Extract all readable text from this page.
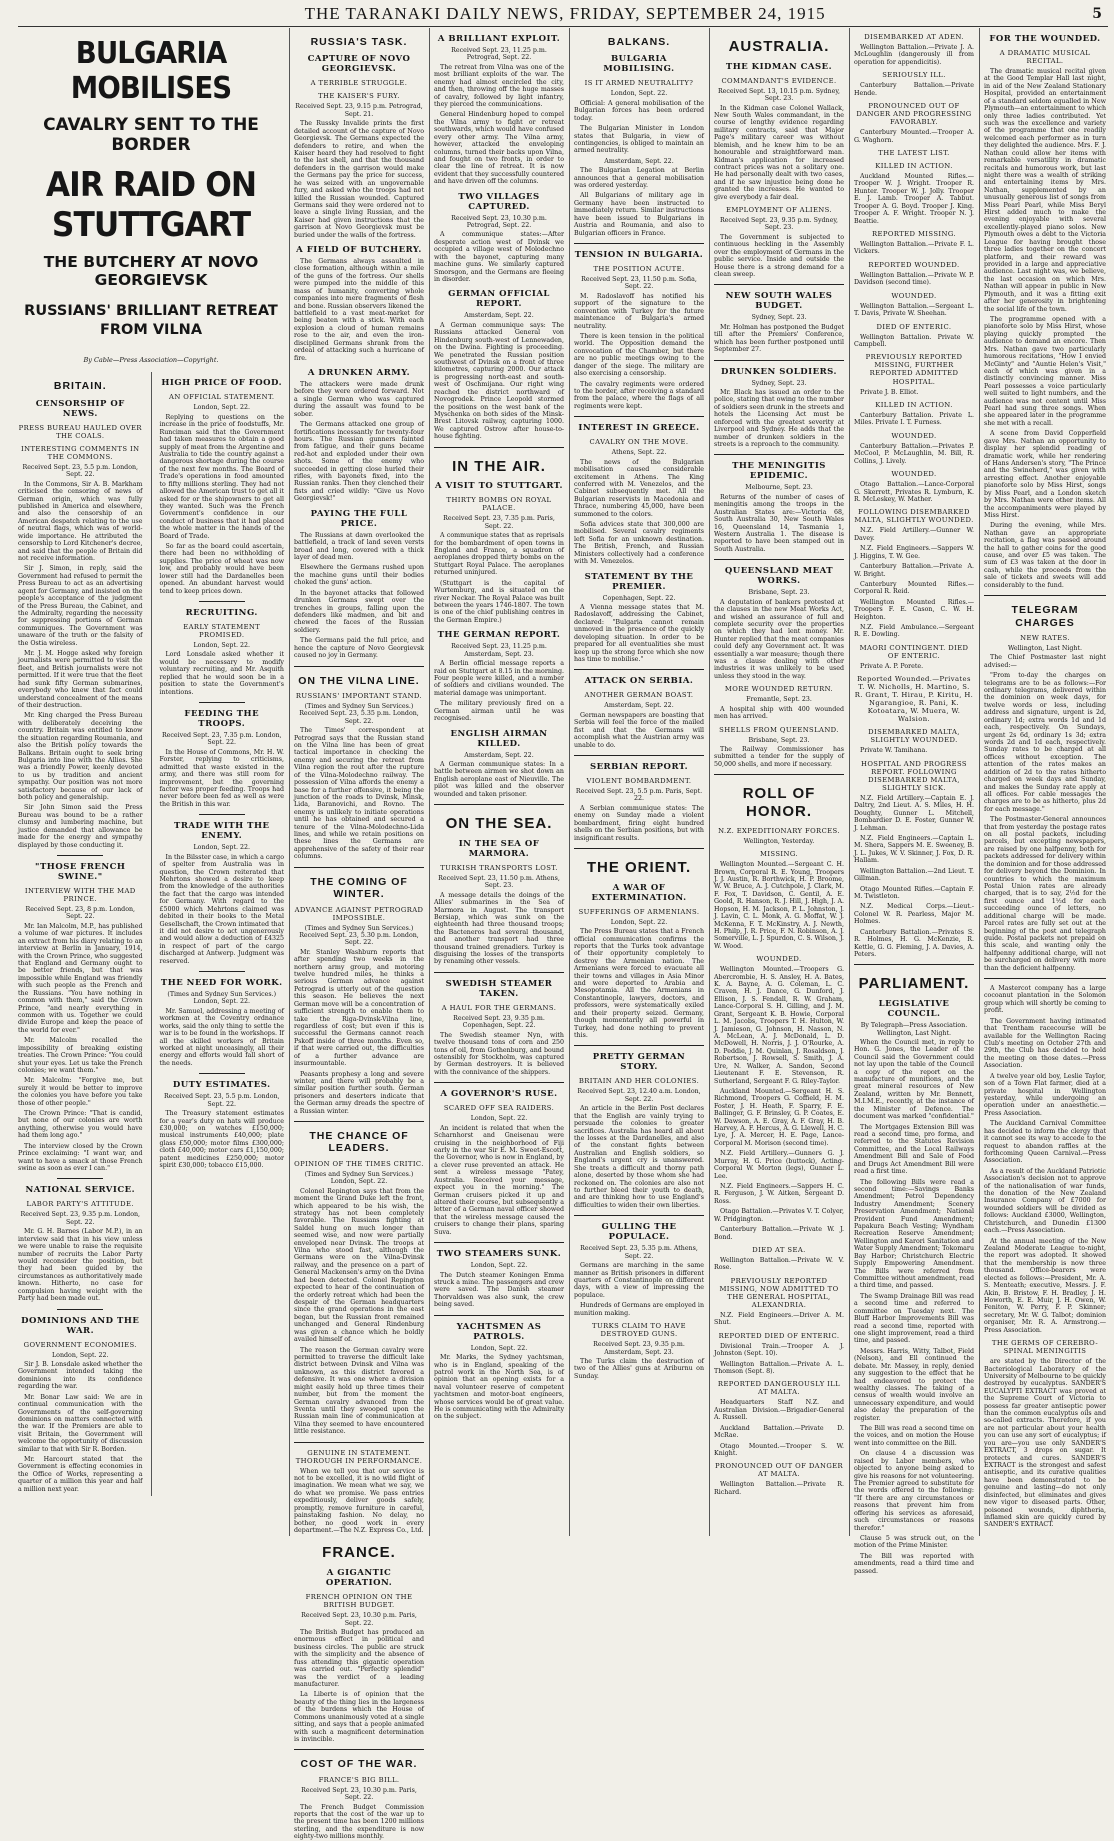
THE TARANAKI DAILY NEWS, FRIDAY, SEPTEMBER 24, 1915	5
BULGARIA MOBILISES
CAVALRY SENT TO THE BORDER
AIR RAID ON STUTTGART
THE BUTCHERY AT NOVO GEORGIEVSK
RUSSIANS' BRILLIANT RETREAT FROM VILNA
By Cable—Press Association—Copyright.
BRITAIN.
CENSORSHIP OF NEWS.
PRESS BUREAU HAULED OVER THE COALS.
INTERESTING COMMENTS IN THE COMMONS.
Received Sept. 23, 5.5 p.m. London, Sept. 22.
In the Commons, Sir A. B. Markham criticised the censoring of news of German origin, which was fully published in America and elsewhere, and also the censorship of an American despatch relating to the use of neutral flags, which was of world-wide importance. He attributed the censorship to Lord Kitchener's decree, and said that the people of Britain did not receive information.
Sir J. Simon, in reply, said the Government had refused to permit the Press Bureau to act as an advertising agent for Germany, and insisted on the people's acceptance of the judgment of the Press Bureau, the Cabinet, and the Admiralty, regarding the necessity for suppressing portions of German communiques. The Government was unaware of the truth or the falsity of the Ostia wireless.
Mr. J. M. Hogge asked why foreign journalists were permitted to visit the fleet, and British journalists were not permitted. If it were true that the fleet had sunk fifty German submarines, everybody who knew that fact could understand concealment of the means of their destruction.
Mr. King charged the Press Bureau with deliberately deceiving the country. Britain was entitled to know the situation regarding Roumania, and also the British policy towards the Balkans. Britain ought to seek bring Bulgaria into line with the Allies. She was a friendly Power, keenly devoted to us by tradition and ancient sympathy. Our position was not more satisfactory because of our lack of both policy and generalship.
Sir John Simon said the Press Bureau was bound to be a rather clumsy and lumbering machine, but justice demanded that allowance be made for the energy and sympathy displayed by those conducting it.
"THOSE FRENCH SWINE."
INTERVIEW WITH THE MAD PRINCE.
Received Sept. 23, 8 p.m. London, Sept. 22.
Mr. Ian Malcolm, M.P., has published a volume of war pictures. It includes an extract from his diary relating to an interview at Berlin in January, 1914, with the Crown Prince, who suggested that England and Germany ought to be better friends, but that was impossible while England was friendly with such people as the French and the Russians. "You have nothing in common with them," said the Crown Prince, "and nearly everything in common with us. Together we could divide Europe and keep the peace of the world for ever."
Mr. Malcolm recalled the impossibility of breaking existing treaties. The Crown Prince: "You could shut your eyes. Let us take the French colonies; we want them."
Mr. Malcolm: "Forgive me, but surely it would be better to improve the colonies you have before you take those of other people."
The Crown Prince: "That is candid, but none of our colonies are worth anything, otherwise you would have had them long ago."
The interview closed by the Crown Prince exclaiming: "I want war, and want to have a smack at those French swine as soon as ever I can."
NATIONAL SERVICE.
LABOR PARTY'S ATTITUDE.
Received Sept. 23, 9.35 p.m. London, Sept. 22.
Mr. G. H. Barnes (Labor M.P.), in an interview said that in his view unless we were unable to raise the requisite number of recruits the Labor Party would reconsider the position, but they had been guided by the circumstances as authoritatively made known. Hitherto, no case for compulsion having weight with the Party had been made out.
DOMINIONS AND THE WAR.
GOVERNMENT ECONOMIES.
London, Sept. 22.
Sir J. B. Lonsdale asked whether the Government intended taking the dominions into its confidence regarding the war.
Mr. Bonar Law said: We are in continual communication with the Governments of the self-governing dominions on matters connected with the war. If the Premiers are able to visit Britain, the Government will welcome the opportunity of discussion similar to that with Sir R. Borden.
Mr. Harcourt stated that the Government is effecting economies in the Office of Works, representing a quarter of a million this year and half a million next year.
HIGH PRICE OF FOOD.
AN OFFICIAL STATEMENT.
London, Sept. 22.
Replying to questions on the increase in the price of foodstuffs, Mr. Runciman said that the Government had taken measures to obtain a good supply of meat from the Argentine and Australia to tide the country against a dangerous shortage during the course of the next few months. The Board of Trade's operations in food amounted to fifty millions sterling. They had not allowed the American trust to get all it asked for or the shipowners to get all they wanted. Such was the French Government's confidence in our conduct of business that it had placed the whole matter in the hands of the Board of Trade.
So far as the board could ascertain, there had been no withholding of supplies. The price of wheat was now low, and probably would have been lower still had the Dardanelles been opened. An abundant harvest would tend to keep prices down.
RECRUITING.
EARLY STATEMENT PROMISED.
London, Sept. 22.
Lord Lonsdale asked whether it would be necessary to modify voluntary recruiting, and Mr. Asquith replied that he would soon be in a position to state the Government's intentions.
FEEDING THE TROOPS.
Received Sept. 23, 7.35 p.m. London, Sept. 22.
In the House of Commons, Mr. H. W. Forster, replying to criticisms, admitted that waste existed in the army, and there was still room for improvement, but the governing factor was proper feeding. Troops had never before been fed as well as were the British in this war.
TRADE WITH THE ENEMY.
London, Sept. 22.
In the Bilsster case, in which a cargo of spelter from Australia was in question, the Crown reiterated that Mehrtons showed a desire to keep from the knowledge of the authorities the fact that the cargo was intended for Germany. With regard to the £5000 which Mehrtons claimed was debited in their books to the Metal Gesellschaft, the Crown intimated that it did not desire to act ungenerously and would allow a deduction of £4325 in respect of part of the cargo discharged at Antwerp. Judgment was reserved.
THE NEED FOR WORK.
(Times and Sydney Sun Services.) London, Sept. 22.
Mr. Samuel, addressing a meeting of workmen at the Coventry ordnance works, said the only thing to settle the war is to be found in the workshops. If all the skilled workers of Britain worked at night unceasingly, all their energy and efforts would fall short of the needs.
DUTY ESTIMATES.
Received Sept. 23, 5.5 p.m. London, Sept. 22.
The Treasury statement estimates for a year's duty on hats will produce £30,000; on watches £150,000; musical instruments £40,000; plate glass £50,000; motor films £300,000; cloth £40,000; motor cars £1,150,000; patent medicines £250,000; motor spirit £30,000; tobacco £15,000.
RUSSIA'S TASK.
CAPTURE OF NOVO GEORGIEVSK.
A TERRIBLE STRUGGLE.
THE KAISER'S FURY.
Received Sept. 23, 9.15 p.m. Petrograd, Sept. 21.
The Russky Invalide prints the first detailed account of the capture of Novo Georgievsk. The Germans expected the defenders to retire, and when the Kaiser heard they had resolved to fight to the last shell, and that the thousand defenders in the garrison would make the Germans pay the price for success, he was seized with an ungovernable fury, and asked who the troops had not killed the Russian wounded. Captured Germans said they were ordered not to leave a single living Russian, and the Kaiser had given instructions that the garrison at Novo Georgievsk must be buried under the walls of the fortress.
A FIELD OF BUTCHERY.
The Germans always assaulted in close formation, although within a mile of the guns of the fortress. Our shells were pumped into the middle of this mass of humanity, converting whole companies into mere fragments of flesh and bone. Russian observers likened the battlefield to a vast meat-market for being beaten with a stick. With each explosion a cloud of human remains rose to the air, and even the iron-disciplined Germans shrank from the ordeal of attacking such a hurricane of fire.
A DRUNKEN ARMY.
The attackers were made drunk before they were ordered forward. Not a single German who was captured during the assault was found to be sober.
The Germans attacked one group of fortifications incessantly for twenty-four hours. The Russian gunners fainted from fatigue, and their guns became red-hot and exploded under their own shots. Some of the enemy who succeeded in getting close hurled their rifles, with bayonets fixed, into the Russian ranks. Then they clenched their fists and cried wildly: "Give us Novo Georgievsk!"
PAYING THE FULL PRICE.
The Russians at dawn overlooked the battlefield, a track of land seven versts broad and long, covered with a thick layer of dead men.
Elsewhere the Germans rushed upon the machine guns until their bodies choked the guns' action.
In the bayonet attacks that followed drunken Germans swept over the trenches in groups, falling upon the defenders like madmen, and bit and chewed the faces of the Russian soldiery.
The Germans paid the full price, and hence the capture of Novo Georgievsk caused no joy in Germany.
ON THE VILNA LINE.
RUSSIANS' IMPORTANT STAND.
(Times and Sydney Sun Services.) Received Sept. 23, 5.35 p.m. London, Sept. 22.
The Times' correspondent at Petrograd says that the Russian stand on the Vilna line has been of great tactical importance in checking the enemy and securing the retreat from Vilna region the rout after the rupture of the Vilna-Molodechno railway. The possession of Vilna affords the enemy a base for a further offensive, it being the junction of the roads to Dvinsk, Minsk, Lida, Baranovichi, and Rovno. The enemy is unlikely to initiate operations until he has obtained and secured a tenure of the Vilna-Molodechno-Lida lines, and while we retain positions on these lines the Germans are apprehensive of the safety of their rear columns.
THE COMING OF WINTER.
ADVANCE AGAINST PETROGRAD IMPOSSIBLE.
(Times and Sydney Sun Services.) Received Sept. 23, 5.30 p.m. London, Sept. 22.
Mr. Stanley Washburn reports that after spending two weeks in the northern army group, and motoring twelve hundred miles, he thinks a serious German advance against Petrograd is utterly out of the question this season. He believes the next German move will be a concentration of sufficient strength to enable them to take the Riga-Dvinsk-Vilna line, regardless of cost; but even if this is successful the Germans cannot reach Pskoff inside of three months. Even so, if that were carried out, the difficulties of a further advance are insurmountable.
Peasants prophesy a long and severe winter, and there will probably be a similar position further south. German prisoners and deserters indicate that the German army dreads the spectre of a Russian winter.
THE CHANCE OF LEADERS.
OPINION OF THE TIMES CRITIC.
(Times and Sydney Sun Services.) London, Sept. 22.
Colonel Repington says that from the moment the Grand Duke left the front, which appeared to be his wish, the strategy has not been completely favorable. The Russians fighting at Saldel hung on much longer than seemed wise, and now were partially enveloped near Dvinsk. The troops at Vilna who stood fast, although the Germans were on the Vilna-Dvinsk railway, and the presence on a part of General Mackensen's army on the Dvina had been detected. Colonel Repington expected to hear of the continuation of the orderly retreat which had been the despair of the German headquarters since the grand operations in the east began, but the Russian front remained unchanged and General Rindenburg was given a chance which he boldly availed himself of.
The reason the German cavalry were permitted to traverse the difficult lake district between Dvinsk and Vilna was unknown, as this district favored a defensive. It was one where a division might easily hold up three times their number, but from the moment the German cavalry advanced from the Sventa until they swooped upon the Russian main line of communication at Vilna they seemed to have encountered little resistance.
GENUINE IN STATEMENT. THOROUGH IN PERFORMANCE.
When we tell you that our service is not to be excelled, it is no wild flight of imagination. We mean what we say, we do what we promise. We pass entries expeditiously, deliver goods safely, promptly, remove furniture in careful, painstaking fashion. No delay, no bother, no good work in every department.—The N.Z. Express Co., Ltd.
FRANCE.
A GIGANTIC OPERATION.
FRENCH OPINION ON THE BRITISH BUDGET.
Received Sept. 23, 10.30 p.m. Paris, Sept. 22.
The British Budget has produced an enormous effect in political and business circles. The public are struck with the simplicity and the absence of fuss attending this gigantic operation was carried out. "Perfectly splendid" was the verdict of a leading manufacturer.
La Liberte is of opinion that the beauty of the thing lies in the largeness of the burdens which the House of Commons unanimously voted at a single sitting, and says that a people animated with such a magnificent determination is invincible.
COST OF THE WAR.
FRANCE'S BIG BILL.
Received Sept. 23, 10.30 p.m. Paris, Sept. 22.
The French Budget Commission reports that the cost of the war up to the present time has been 1200 millions sterling, and the expenditure is now eighty-two millions monthly.
A BRILLIANT EXPLOIT.
Received Sept. 23, 11.25 p.m. Petrograd, Sept. 22.
The retreat from Vilna was one of the most brilliant exploits of the war. The enemy had almost encircled the city, and then, throwing off the huge masses of cavalry, followed by light infantry, they pierced the communications.
General Hindenburg hoped to compel the Vilna army to fight or retreat southwards, which would have confused every other army. The Vilna army, however, attacked the enveloping columns, turned their backs upon Vilna, and fought on two fronts, in order to clear the line of retreat. It is now evident that they successfully countered and have driven off the columns.
TWO VILLAGES CAPTURED.
Received Sept. 23, 10.30 p.m. Petrograd, Sept. 22.
A communique states:—After desperate action west of Dvinsk we occupied a village west of Molodechno with the bayonet, capturing many machine guns. We similarly captured Smorsgon, and the Germans are fleeing in disorder.
GERMAN OFFICIAL REPORT.
Amsterdam, Sept. 22.
A German communique says: The Russians attacked General von Hindenburg south-west of Lennewaden, on the Dwina. Fighting is proceeding. We penetrated the Russian position southwest of Dvinsk on a front of three kilometres, capturing 2000. Our attack is progressing north-east and south-west of Oschmijana. Our right wing reached the district northward of Novogrodek. Prince Leopold stormed the positions on the west bank of the Myschenka on both sides of the Minsk-Brest Litovsk railway, capturing 1000. We captured Ostrow after house-to-house fighting.
IN THE AIR.
A VISIT TO STUTTGART.
THIRTY BOMBS ON ROYAL PALACE.
Received Sept. 23, 7.35 p.m. Paris, Sept. 22.
A communique states that as reprisals for the bombardment of open towns in England and France, a squadron of aeroplanes dropped thirty bombs on the Stuttgart Royal Palace. The aeroplanes returned uninjured.
(Stuttgart is the capital of Wurtemburg, and is situated on the river Neckar. The Royal Palace was built between the years 1746-1807. The town is one of the chief publishing centres in the German Empire.)
THE GERMAN REPORT.
Received Sept. 23, 11.25 p.m. Amsterdam, Sept. 23.
A Berlin official message reports a raid on Stuttgart at 8.15 in the morning. Four people were killed, and a number of soldiers and civilians wounded. The material damage was unimportant.
The military previously fired on a German airman until he was recognised.
ENGLISH AIRMAN KILLED.
Amsterdam, Sept. 22.
A German communique states: In a battle between airmen we shot down an English aeroplane east of Nieuville. The pilot was killed and the observer wounded and taken prisoner.
ON THE SEA.
IN THE SEA OF MARMORA.
TURKISH TRANSPORTS LOST.
Received Sept. 23, 11.50 p.m. Athens, Sept. 23.
A message details the doings of the Allies' submarines in the Sea of Marmora in August. The transport Bersiap, which was sunk on the eighteenth had three thousand troops; the Bacteneros had several thousand, and another transport had three thousand trained grenadiers. Turkey is disguising the losses of the transports by renaming other vessels.
SWEDISH STEAMER TAKEN.
A HAUL FOR THE GERMANS.
Received Sept. 23, 9.35 p.m. Copenhagen, Sept. 22.
The Swedish steamer Nyn, with twelve thousand tons of corn and 250 tons of oil, from Gothenburg, and bound ostensibly for Stockholm, was captured by German destroyers. It is believed with the connivance of the shippers.
A GOVERNOR'S RUSE.
SCARED OFF SEA RAIDERS.
London, Sept. 22.
An incident is related that when the Scharnhorst and Gneisenau were cruising in the neighborhood of Fiji early in the war Sir E. M. Sweet-Escott, the Governor, who is now in England, by a clever ruse prevented an attack. He sent a wireless message "Patey, Australia. Received your message, expect you in the morning." The German cruisers picked it up and altered their course, but subsequently a letter of a German naval officer showed that the wireless message caused the cruisers to change their plans, sparing Suva.
TWO STEAMERS SUNK.
London, Sept. 22.
The Dutch steamer Koningen Emma struck a mine. The passengers and crew were saved. The Danish steamer Thorvaldsen was also sunk, the crew being saved.
YACHTSMEN AS PATROLS.
London, Sept. 22.
Mr. Marks, the Sydney yachtsman, who is in England, speaking of the patrol work in the North Sea, is of opinion that an opening exists for a naval volunteer reserve of competent yachtsmen and motor-boat engineers, whose services would be of great value. He is communicating with the Admiralty on the subject.
BALKANS.
BULGARIA MOBILISING.
IS IT ARMED NEUTRALITY?
London, Sept. 22.
Official: A general mobilisation of the Bulgarian forces has been ordered today.
The Bulgarian Minister in London states that Bulgaria, in view of contingencies, is obliged to maintain an armed neutrality.
Amsterdam, Sept. 22.
The Bulgarian Legation at Berlin announces that a general mobilisation was ordered yesterday.
All Bulgarians of military age in Germany have been instructed to immediately return. Similar instructions have been issued to Bulgarians in Austria and Roumania, and also to Bulgarian officers in France.
TENSION IN BULGARIA.
THE POSITION ACUTE.
Received Sept. 23, 11.50 p.m. Sofia, Sept. 22.
M. Radoslavoff has notified his support of the signature to the convention with Turkey for the future maintenance of Bulgaria's armed neutrality.
There is keen tension in the political world. The Opposition demand the convocation of the Chamber, but there are no public meetings owing to the danger of the siege. The military are also exercising a censorship.
The cavalry regiments were ordered to the border, after receiving a standard from the palace, where the flags of all regiments were kept.
INTEREST IN GREECE.
CAVALRY ON THE MOVE.
Athens, Sept. 22.
The news of the Bulgarian mobilisation caused considerable excitement in Athens. The King conferred with M. Venezelos, and the Cabinet subsequently met. All the Bulgarian reservists in Macedonia and Thrace, numbering 45,000, have been summoned to the colors.
Sofia advices state that 300,000 are mobilised. Several cavalry regiments left Sofia for an unknown destination. The British, French, and Russian Ministers collectively had a conference with M. Venezelos.
STATEMENT BY THE PREMIER.
Copenhagen, Sept. 22.
A Vienna message states that M. Radoslavoff, addressing the Cabinet, declared: "Bulgaria cannot remain unmoved in the presence of the quickly developing situation. In order to be prepared for all eventualities she must keep up the strong force which she now has time to mobilise."
ATTACK ON SERBIA.
ANOTHER GERMAN BOAST.
Amsterdam, Sept. 22.
German newspapers are boasting that Serbia will feel the force of the mailed fist and that the Germans will accomplish what the Austrian army was unable to do.
SERBIAN REPORT.
VIOLENT BOMBARDMENT.
Received Sept. 23, 5.5 p.m. Paris, Sept. 22.
A Serbian communique states: The enemy on Sunday made a violent bombardment, firing eight hundred shells on the Serbian positions, but with insignificant results.
THE ORIENT.
A WAR OF EXTERMINATION.
SUFFERINGS OF ARMENIANS.
London, Sept. 22.
The Press Bureau states that a French official communication confirms the reports that the Turks took advantage of their opportunity completely to destroy the Armenian nation. The Armenians were forced to evacuate all their towns and villages in Asia Minor and were deported to Arabia and Mesopotamia. All the Armenians in Constantinople, lawyers, doctors, and professors, were systematically exiled and their property seized. Germany, though momentarily all powerful in Turkey, had done nothing to prevent this.
PRETTY GERMAN STORY.
BRITAIN AND HER COLONIES.
Received Sept. 23, 12.40 a.m. London, Sept. 22.
An article in the Berlin Post declares that the English are vainly trying to persuade the colonies to greater sacrifices. Australia has heard all about the losses at the Dardanelles, and also of the constant fights between Australian and English soldiers, so England's urgent cry is unanswered. She treats a difficult and thorny path alone, deserted by those whom she had reckoned on. The colonies are also not to further bleed their youth to death, and are thinking how to use England's difficulties to widen their own liberties.
GULLING THE POPULACE.
Received Sept. 23, 5.35 p.m. Athens, Sept. 22.
Germans are marching in the same manner as British prisoners in different quarters of Constantinople on different days, with a view of impressing the populace.
Hundreds of Germans are employed in munition making.
TURKS CLAIM TO HAVE DESTROYED GUNS.
Received Sept. 23, 9.35 p.m. Amsterdam, Sept. 23.
The Turks claim the destruction of two of the Allies' guns at Ariburnu on Sunday.
AUSTRALIA.
THE KIDMAN CASE.
COMMANDANT'S EVIDENCE.
Received Sept. 13, 10.15 p.m. Sydney, Sept. 23.
In the Kidman case Colonel Wallack, New South Wales commandant, in the course of lengthy evidence regarding military contracts, said that Major Page's military career was without blemish, and he knew him to be an honourable and straightforward man. Kidman's application for increased contract prices was not a solitary one. He had personally dealt with two cases, and if he saw injustice being done he granted the increases. He wanted to give everybody a fair deal.
EMPLOYMENT OF ALIENS.
Received Sept. 23, 9.35 p.m. Sydney, Sept. 23.
The Government is subjected to continuous heckling in the Assembly over the employment of Germans in the public service. Inside and outside the House there is a strong demand for a clean sweep.
NEW SOUTH WALES BUDGET.
Sydney, Sept. 23.
Mr. Holman has postponed the Budget till after the Premiers' Conference, which has been further postponed until September 27.
DRUNKEN SOLDIERS.
Sydney, Sept. 23.
Mr. Black has issued an order to the police, stating that owing to the number of soldiers seen drunk in the streets and hotels the Licensing Act must be enforced with the greatest severity at Liverpool and Sydney. He adds that the number of drunken soldiers in the streets is a reproach to the community.
THE MENINGITIS EPIDEMIC.
Melbourne, Sept. 23.
Returns of the number of cases of meningitis among the troops in the Australian States are:—Victoria 68, South Australia 30, New South Wales 16, Queensland 14, Tasmania 1, Western Australia 1. The disease is reported to have been stamped out in South Australia.
QUEENSLAND MEAT WORKS.
Brisbane, Sept. 23.
A deputation of bankers protested at the clauses in the new Meat Works Act, and wished an assurance of full and complete security over the properties on which they had lent money. Mr. Hunter replied that the meat companies could defy any Government act. It was essentially a war measure; though there was a clause dealing with other industries it was unlikely to be used unless they stood in the way.
MORE WOUNDED RETURN.
Fremantle, Sept. 23.
A hospital ship with 400 wounded men has arrived.
SHELLS FROM QUEENSLAND.
Brisbane, Sept. 23.
The Railway Commissioner has submitted a tender for the supply of 50,000 shells, and more if necessary.
ROLL OF HONOR.
N.Z. EXPEDITIONARY FORCES.
Wellington, Yesterday.
MISSING.
Wellington Mounted.—Sergeant C. H. Brown, Corporal R. E. Young, Troopers J. J. Austin, R. Borthwick, H. P. Broome, W. W. Bruce, A. J. Cutchpole, J. Clark, M. F. Fox, T. Davidson, C. Gentil, A. E. Goold, R. Hanson, R. J. Hill, J. High, J. A. Hopson, H. M. Jackson, P. L. Johnston, J. J. Lavin, C. L. Monk, A. G. Moffat, W. J. McKenna, F. T. McKinstry, A. J. Newth, H. Philp, J. R. Price, F. N. Robinson, A. J. Somerville, L. J. Spurdon, C. S. Wilson, J. W. Wood.
WOUNDED.
Wellington Mounted.—Troopers G. Abercrombie, H. S. Ansley, H. A. Bates, K. A. Bayne, A. G. Coleman, L. C. Craven, H. J. Dance, G. Dunford, J. Ellison, J. S. Fendall, R. W. Graham, Lance-Corporal S. H. Gilling, and J. M. Grant, Sergeant K. B. Howie, Corporal L. M. Jacobs, Troopers T. H. Hulton, W. J. Jamieson, G. Johnson, H. Nasson, N. A. McLean, A. J. McDonald, L. D. McDowell, H. Norris, J. J. O'Rourke, A. D. Peddie, J. M. Quinlan, J. Rosaldson, J. Robertson, J. Rowsell, S. Smith, J. A. Ure, N. Walker, A. Sandon, Second Lieutenant F. E. Stevenson, R. Sutherland, Sergeant F. G. Riley-Taylor.
Auckland Mounted.—Sergeant H. S. Richmond, Troopers G. Coffield, H. M. Foster, J. H. Heath, F. Sparry, F. E. Ballinger, G. F. Brinsley, G. P. Coates, E. W. Dawson, A. E. Gray, A. F. Gray, H. B. Harvey, A. F. Hercus, A. G. Llewell, H. C. Lye, J. A. Mercer, H. E. Page, Lance-Corporal M. Morison (second time).
N.Z. Field Artillery.—Gunners G. J. Murray, H. G. Price (buttock), Acting-Corporal W. Morton (legs), Gunner L. Lee.
N.Z. Field Engineers.—Sappers H. C. R. Ferguson, J. W. Aitken, Sergeant D. Ross.
Otago Battalion.—Privates V. T. Colyer, W. Pridgington.
Canterbury Battalion.—Private W. J. Bond.
DIED AT SEA.
Wellington Battalion.—Private W. V. Rose.
PREVIOUSLY REPORTED MISSING, NOW ADMITTED TO THE GENERAL HOSPITAL, ALEXANDRIA.
N.Z. Field Engineers.—Driver A. M. Shut.
REPORTED DIED OF ENTERIC.
Divisional Train.—Trooper A. J. Johnston (Sept. 10).
Wellington Battalion.—Private A. L. Thomson (Sept. 8).
REPORTED DANGEROUSLY ILL AT MALTA.
Headquarters Staff N.Z. and Australian Division.—Brigadier-General A. Russell.
Auckland Battalion.—Private D. McRae.
Otago Mounted.—Trooper S. W. Knight.
PRONOUNCED OUT OF DANGER AT MALTA.
Wellington Battalion.—Private R. Richard.
DISEMBARKED AT ADEN.
Wellington Battalion.—Private J. A. McLoughlin (dangerously ill from operation for appendicitis).
SERIOUSLY ILL.
Canterbury Battalion.—Private Hende.
PRONOUNCED OUT OF DANGER AND PROGRESSING FAVORABLY.
Canterbury Mounted.—Trooper A. G. Waghorn.
THE LATEST LIST.
KILLED IN ACTION.
Auckland Mounted Rifles.—Trooper W. J. Wright. Trooper R. Hunter. Trooper W. J. Jolly. Trooper E. J. Lamb. Trooper A. Tabbut. Trooper A. G. Boyd. Trooper J. King. Trooper A. F. Wright. Trooper N. J. Beattie.
REPORTED MISSING.
Wellington Battalion.—Private F. L. Vickers.
REPORTED WOUNDED.
Wellington Battalion.—Private W. P. Davidson (second time).
WOUNDED.
Wellington Battalion.—Sergeant L. T. Davis, Private W. Sheehan.
DIED OF ENTERIC.
Wellington Battalion. Private W. Campbell.
PREVIOUSLY REPORTED MISSING, FURTHER REPORTED ADMITTED HOSPITAL.
Private J. B. Elliot.
KILLED IN ACTION.
Canterbury Battalion. Private L. Miles. Private I. T. Furness.
WOUNDED.
Canterbury Battalion.—Privates P. McCool, P. McLaughlin, M. Bill, R. Collins, J. Lively.
WOUNDED.
Otago Battalion.—Lance-Corporal G. Skerrett, Privates R. Lymburn, K. R. McLeskey, W. Mather.
FOLLOWING DISEMBARKED MALTA, SLIGHTLY WOUNDED.
N.Z. Field Artillery.—Gunner W. Davey.
N.Z. Field Engineers.—Sappers W. J. Higgins, T. W. Gee.
Canterbury Battalion.—Private A. W. Bright.
Canterbury Mounted Rifles.—Corporal R. Reid.
Wellington Mounted Rifles.—Troopers F. E. Cason, C. W. H. Heighton.
N.Z. Field Ambulance.—Sergeant R. E. Dowling.
MAORI CONTINGENT. DIED OF ENTERIC.
Private A. P. Porete.
Reported Wounded.—Privates T. W. Nicholls, H. Martino, S. R. Grant, T. Hirau, P. Kiritu, H. Ngarangioe, R. Pani, K. Kotoatara, W. Muera, W. Walsion.
DISEMBARKED MALTA, SLIGHTLY WOUNDED.
Private W. Tamihana.
HOSPITAL AND PROGRESS REPORT. FOLLOWING DISEMBARKED MALTA, SLIGHTLY SICK.
N.Z. Field Artillery.—Captain E. J. Daltry, 2nd Lieut. A. S. Miles, H. H. Doughty, Gunner L. Mitchell, Bombardier D. E. Foster, Gunner W. J. Lehman.
N.Z. Field Engineers.—Captain L. M. Shera, Sappers M. E. Sweeney, B. J. L. Jukes, W. V. Skinner, J. Fox, D. R. Hallam.
Wellington Battalion.—2nd Lieut. T. Gillman.
Otago Mounted Rifles.—Captain F. M. Twistleton.
N.Z. Medical Corps.—Lieut.-Colonel W. R. Pearless, Major M. Holmes.
Canterbury Battalion.—Privates S. R. Holmes, H. G. McKenzie, R. Kettle, G. G. Fleming, J. A. Davies, A. Peters.
PARLIAMENT.
LEGISLATIVE COUNCIL.
By Telegraph—Press Association. Wellington, Last Night.
When the Council met, in reply to Hon. G. Jones, the Leader of the Council said the Government could not lay upon the table of the Council a copy of the report on the manufacture of munitions, and the great mineral resources of New Zealand, written by Mr. Bennett, M.I.M.E., recently, at the instance of the Minister of Defence. The document was marked "confidential."
The Mortgages Extension Bill was read a second time, pro forma, and referred to the Statutes Revision Committee, and the Local Railways Amendment Bill and Sale of Food and Drugs Act Amendment Bill were read a first time.
The following Bills were read a second time:—Savings Banks Amendment; Petrol Dependency Industry Amendment; Scenery Preservation Amendment; National Provident Fund Amendment; Papakura Beach Vesting; Wyndham Recreation Reserve Amendment; Wellington and Karori Sanitation and Water Supply Amendment; Tokomaru Bay Harbor; Christchurch Electric Supply Empowering Amendment. The Bills were referred from Committee without amendment, read a third time, and passed.
The Swamp Drainage Bill was read a second time and referred to committee on Tuesday next. The Bluff Harbor Improvements Bill was read a second time, reported with one slight improvement, read a third time, and passed.
Messrs. Harris, Witty, Talbot, Field (Nelson), and Ell continued the debate. Mr. Massey, in reply, denied any suggestion to the effect that he had endeavored to protect the wealthy classes. The taking of a census of wealth would involve an unnecessary expenditure, and would also delay the preparation of the register.
The Bill was read a second time on the voices, and on motion the House went into committee on the Bill.
On clause 4 a discussion was raised by Labor members, who objected to anyone being asked to give his reasons for not volunteering. The Premier agreed to substitute for the words offered to the following: "If there are any circumstances or reasons that prevent him from offering his services as aforesaid, such circumstances or reasons therefor."
Clause 5 was struck out, on the motion of the Prime Minister.
The Bill was reported with amendments, read a third time and passed.
FOR THE WOUNDED.
A DRAMATIC MUSICAL RECITAL.
The dramatic musical recital given at the Good Templar Hall last night, in aid of the New Zealand Stationary Hospital, provided an entertainment of a standard seldom equalled in New Plymouth—an entertainment to which only three ladies contributed. Yet such was the excellence and variety of the programme that one readily welcomed each performer as in turn they delighted the audience. Mrs. F. J. Nathan could allow her items with remarkable versatility in dramatic recitals and humorous work, but last night there was a wealth of striking and entertaining items by Mrs. Nathan, supplemented by an unusually generous list of songs from Miss Pearl Pearl, while Miss Beryl Hirst added much to make the evening enjoyable with several excellently-played piano solos. New Plymouth owes a debt to the Victoria League for having brought those three ladies together on the concert platform, and their reward was provided in a large and appreciative audience. Last night was, we believe, the last occasion on which Mrs. Nathan will appear in public in New Plymouth, and it was a fitting exit after her generosity in brightening the social life of the town.
The programme opened with a pianoforte solo by Miss Hirst, whose playing quickly prompted the audience to demand an encore. Then Mrs. Nathan gave two particularly humorous recitations, "How I envied McGinty" and "Auntie Helen's Visit," each of which was given in a distinctly convincing manner. Miss Pearl possesses a voice particularly well suited to light numbers, and the audience was not content until Miss Pearl had sung three songs. When she appeared later in the programme she met with a recall.
A scene from David Copperfield gave Mrs. Nathan an opportunity to display her splendid reading of dramatic work, while her rendering of Hans Andersen's story, "The Prince and the Swineherd," was given with arresting effect. Another enjoyable pianoforte solo by Miss Hirst, songs by Miss Pearl, and a London sketch by Mrs. Nathan were other items. All the accompaniments were played by Miss Hirst.
During the evening, while Mrs. Nathan gave an appropriate recitation, a flag was passed around the hall to gather coins for the good cause, and over £5 was taken. The sum of £3 was taken at the door in cash, while the proceeds from the sale of tickets and sweets will add considerably to the fund.
TELEGRAM CHARGES
NEW RATES.
Wellington, Last Night.
The Chief Postmaster last night advised:—
"From to-day the charges on telegrams are to be as follows:—For ordinary telegrams, delivered within the dominion on week days, for twelve words or less, including address and signature, urgent is 2d, ordinary 1d; extra words 1d and 1d each, respectively. On Sundays, urgent 2s 6d, ordinary 1s 3d; extra words 2d and 1d each, respectively. Sunday rates to be charged at all offices without exception. The attention of the rates makes an addition of 2d to the rates hitherto charged on week days and Sunday, and makes the Sunday rate apply at all offices. For cable messages the charges are to be as hitherto, plus 2d for each message."
The Postmaster-General announces that from yesterday the postage rates on all postal packets, including parcels, but excepting newspapers, are raised by one halfpenny, both for packets addressed for delivery within the dominion and for those addressed for delivery beyond the Dominion. In countries to which the maximum Postal Union rates are already charged, that is to say, 2½d for the first ounce and 1½d for each succeeding ounce of letters, no additional charge will be made. Parcel rates are fully set out at the beginning of the post and telegraph guide. Postal packets not prepaid on this scale, and wanting only the halfpenny additional charge, will not be surcharged on delivery with more than the deficient halfpenny.
A Mastercot company has a large cocoanut plantation in the Solomon group which will shortly be coming to profit.
The Government having intimated that Trentham racecourse will be available for the Wellington Racing Club's meeting on October 27th and 29th, the Club has decided to hold the meeting on those dates.—Press Association.
A twelve year old boy, Leslie Taylor, son of a Town Flat farmer, died at a private hospital in Wellington yesterday, while undergoing an operation under an anaesthetic.—Press Association.
The Auckland Carnival Committee has decided to inform the clergy that it cannot see its way to accede to the request to abandon raffles at the forthcoming Queen Carnival.—Press Association.
As a result of the Auckland Patriotic Association's decision not to approve of the nationalisation of war funds, the donation of the New Zealand Insurance Company of £7000 for wounded soldiers will be divided as follows: Auckland £3000, Wellington, Christchurch, and Dunedin £1300 each.—Press Association.
At the annual meeting of the New Zealand Moderate League to-night, the report was adopted. It showed that the membership is now three thousand. Office-bearers were elected as follows:—President, Mr. A. S. Menteath; executive, Messrs. J. F. Akin, B. Bristow, F. H. Bradley, J. H. Howorth, E. E. Muir, J. H. Owen, W. Feniton, W. Perry, F. P. Skinner; secretary, Mr. W. G. Talbot; dominion organiser, Mr. R. A. Armstrong.—Press Association.
THE GERMS OF CEREBRO-SPINAL MENINGITIS
are stated by the Director of the Bacteriological Laboratory of the University of Melbourne to be quickly destroyed by eucalyptus. SANDER'S EUCALYPTI EXTRACT was proved at the Supreme Court of Victoria to possess far greater antiseptic power than the common eucalyptus oils and so-called extracts. Therefore, if you are not particular about your health you can use any sort of eucalyptus; if you are—you use only SANDER'S EXTRACT, 3 drops on sugar. It protects and cures. SANDER'S EXTRACT is the strongest and safest antiseptic, and its curative qualities have been demonstrated to be genuine and lasting—do not only disinfected, but eliminates and gives new vigor to diseased parts. Other, poisoned wounds, diphtheria, inflamed skin are quickly cured by SANDER'S EXTRACT.
